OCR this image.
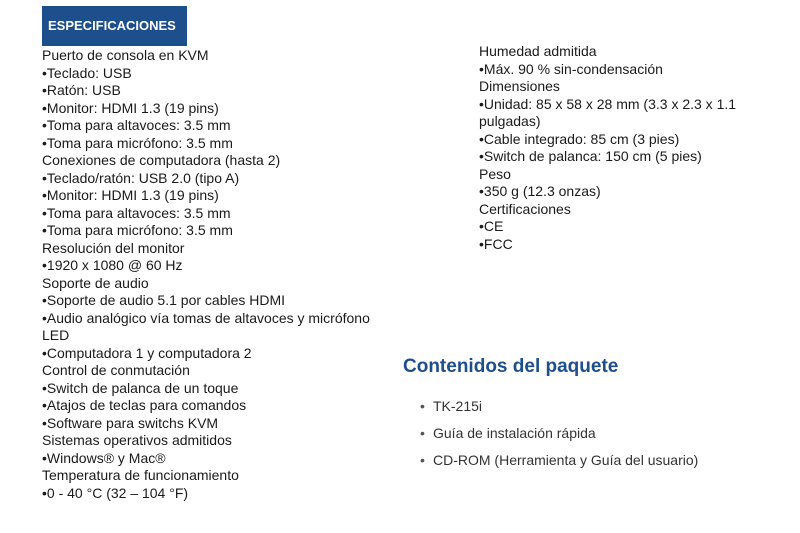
ESPECIFICACIONES
Puerto de consola en KVM
•Teclado: USB
•Ratón: USB
•Monitor: HDMI 1.3 (19 pins)
•Toma para altavoces: 3.5 mm
•Toma para micrófono: 3.5 mm
Conexiones de computadora (hasta 2)
•Teclado/ratón: USB 2.0 (tipo A)
•Monitor: HDMI 1.3 (19 pins)
•Toma para altavoces: 3.5 mm
•Toma para micrófono: 3.5 mm
Resolución del monitor
•1920 x 1080 @ 60 Hz
Soporte de audio
•Soporte de audio 5.1 por cables HDMI
•Audio analógico vía tomas de altavoces y micrófono
LED
•Computadora 1 y computadora 2
Control de conmutación
•Switch de palanca de un toque
•Atajos de teclas para comandos
•Software para switchs KVM
Sistemas operativos admitidos
•Windows® y Mac®
Temperatura de funcionamiento
•0 - 40 °C (32 – 104 °F)
Humedad admitida
•Máx. 90 % sin-condensación
Dimensiones
•Unidad: 85 x 58 x 28 mm (3.3 x 2.3 x 1.1 pulgadas)
•Cable integrado: 85 cm (3 pies)
•Switch de palanca: 150 cm (5 pies)
Peso
•350 g (12.3 onzas)
Certificaciones
•CE
•FCC
Contenidos del paquete
• TK-215i
• Guía de instalación rápida
• CD-ROM (Herramienta y Guía del usuario)
